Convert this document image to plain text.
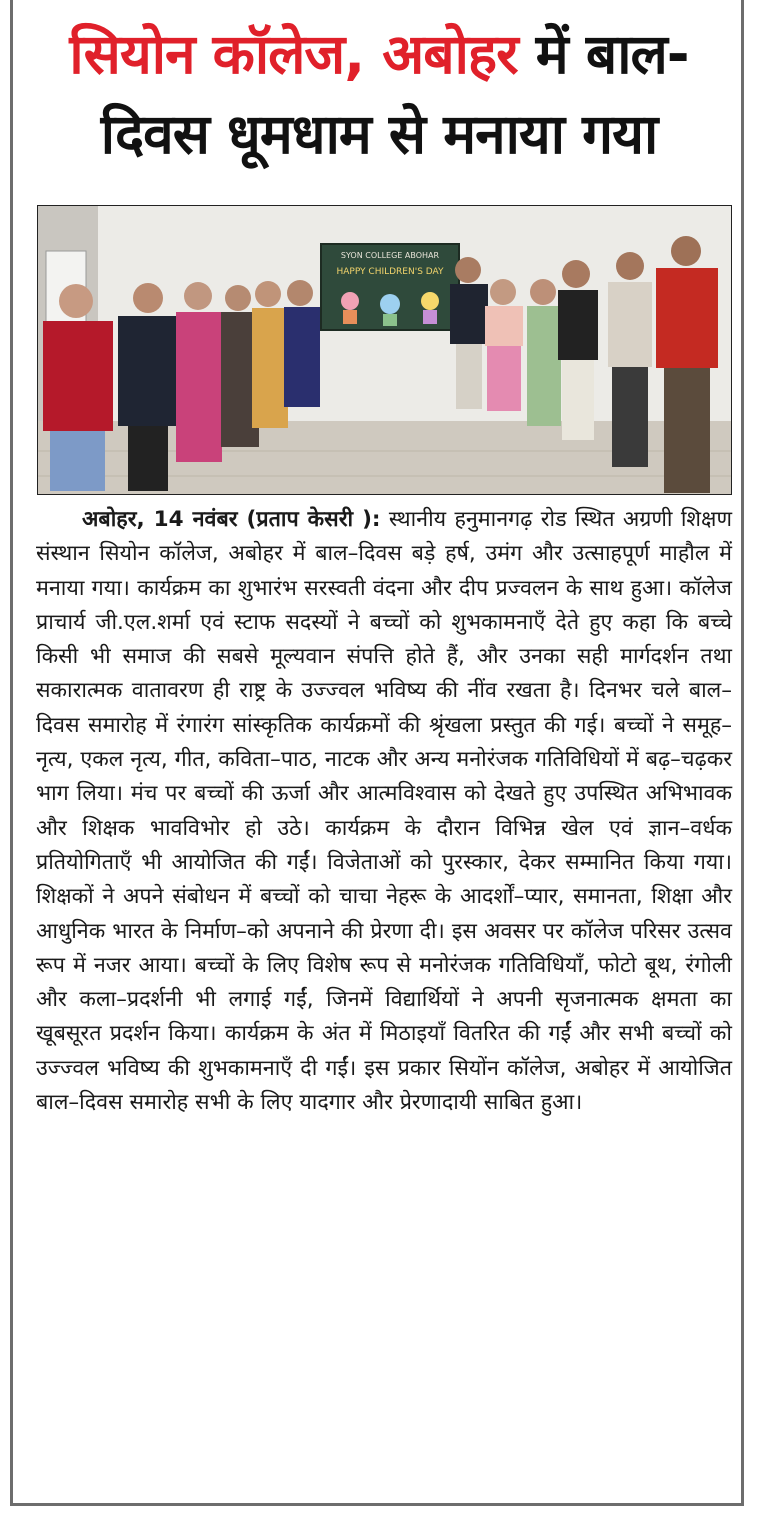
सियोन कॉलेज, अबोहर में बाल-दिवस धूमधाम से मनाया गया
SYON COLLEGE ABOHAR
HAPPY CHILDREN'S DAY
अबोहर, 14 नवंबर (प्रताप केसरी ): स्थानीय हनुमानगढ़ रोड स्थित अग्रणी शिक्षण संस्थान सियोन कॉलेज, अबोहर में बाल–दिवस बड़े हर्ष, उमंग और उत्साहपूर्ण माहौल में मनाया गया। कार्यक्रम का शुभारंभ सरस्वती वंदना और दीप प्रज्वलन के साथ हुआ। कॉलेज प्राचार्य जी.एल.शर्मा एवं स्टाफ सदस्यों ने बच्चों को शुभकामनाएँ देते हुए कहा कि बच्चे किसी भी समाज की सबसे मूल्यवान संपत्ति होते हैं, और उनका सही मार्गदर्शन तथा सकारात्मक वातावरण ही राष्ट्र के उज्ज्वल भविष्य की नींव रखता है। दिनभर चले बाल–दिवस समारोह में रंगारंग सांस्कृतिक कार्यक्रमों की श्रृंखला प्रस्तुत की गई। बच्चों ने समूह–नृत्य, एकल नृत्य, गीत, कविता–पाठ, नाटक और अन्य मनोरंजक गतिविधियों में बढ़–चढ़कर भाग लिया। मंच पर बच्चों की ऊर्जा और आत्मविश्वास को देखते हुए उपस्थित अभिभावक और शिक्षक भावविभोर हो उठे। कार्यक्रम के दौरान विभिन्न खेल एवं ज्ञान–वर्धक प्रतियोगिताएँ भी आयोजित की गईं। विजेताओं को पुरस्कार, देकर सम्मानित किया गया। शिक्षकों ने अपने संबोधन में बच्चों को चाचा नेहरू के आदर्शों–प्यार, समानता, शिक्षा और आधुनिक भारत के निर्माण–को अपनाने की प्रेरणा दी। इस अवसर पर कॉलेज परिसर उत्सव रूप में नजर आया। बच्चों के लिए विशेष रूप से मनोरंजक गतिविधियाँ, फोटो बूथ, रंगोली और कला–प्रदर्शनी भी लगाई गईं, जिनमें विद्यार्थियों ने अपनी सृजनात्मक क्षमता का खूबसूरत प्रदर्शन किया। कार्यक्रम के अंत में मिठाइयाँ वितरित की गईं और सभी बच्चों को उज्ज्वल भविष्य की शुभकामनाएँ दी गईं। इस प्रकार सियोंन कॉलेज, अबोहर में आयोजित बाल–दिवस समारोह सभी के लिए यादगार और प्रेरणादायी साबित हुआ।
